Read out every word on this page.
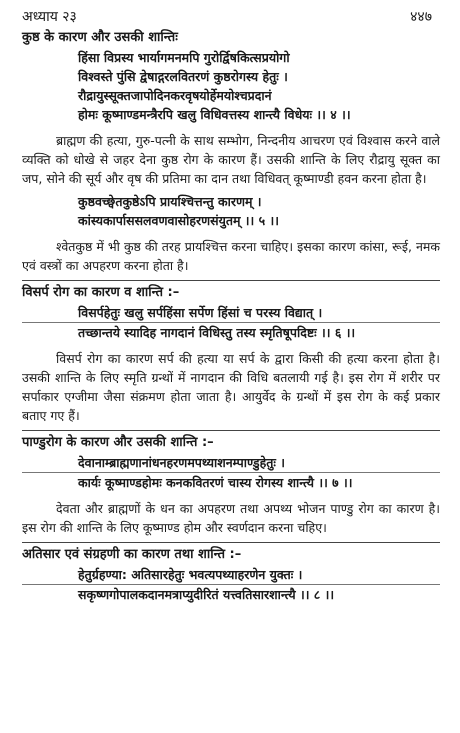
अध्याय २३	४४७
कुष्ठ के कारण और उसकी शान्तिः
हिंसा विप्रस्य भार्यागमनमपि गुरोर्द्विषकित्सप्रयोगो
विश्वस्ते पुंसि द्वेषाद्गरलवितरणं कुष्ठरोगस्य हेतुः ।
रौद्रायुस्सूक्तजापोदिनकरवृषयोर्हेमयोश्चप्रदानं
होमः कूष्माण्डमन्त्रैरपि खलु विधिवत्तस्य शान्त्यै विधेयः ।। ४ ।।

ब्राह्मण की हत्या, गुरु-पत्नी के साथ सम्भोग, निन्दनीय आचरण एवं विश्वास करने वाले व्यक्ति को धोखे से जहर देना कुष्ठ रोग के कारण हैं। उसकी शान्ति के लिए रौद्रायु सूक्त का जप, सोने की सूर्य और वृष की प्रतिमा का दान तथा विधिवत् कूष्माण्डी हवन करना होता है।

कुष्ठवच्छ्वेतकुष्ठेऽपि प्रायश्चित्तन्तु कारणम् ।
कांस्यकार्पाससलवणवासोहरणसंयुतम् ।। ५ ।।

श्वेतकुष्ठ में भी कुष्ठ की तरह प्रायश्चित्त करना चाहिए। इसका कारण कांसा, रूई, नमक एवं वस्त्रों का अपहरण करना होता है।

विसर्प रोग का कारण व शान्ति :–
विसर्पहेतुः खलु सर्पहिंसा सर्पेण हिंसां च परस्य विद्यात् ।
तच्छान्तये स्यादिह नागदानं विधिस्तु तस्य स्मृतिषूपदिष्टः ।। ६ ।।

विसर्प रोग का कारण सर्प की हत्या या सर्प के द्वारा किसी की हत्या करना होता है। उसकी शान्ति के लिए स्मृति ग्रन्थों में नागदान की विधि बतलायी गई है। इस रोग में शरीर पर सर्पाकार एग्जीमा जैसा संक्रमण होता जाता है। आयुर्वेद के ग्रन्थों में इस रोग के कई प्रकार बताए गए हैं।

पाण्डुरोग के कारण और उसकी शान्ति :–
देवानाम्ब्राह्मणानांधनहरणमपथ्याशनम्पाण्डुहेतुः ।
कार्यः कूष्माण्डहोमः कनकवितरणं चास्य रोगस्य शान्त्यै ।। ७ ।।

देवता और ब्राह्मणों के धन का अपहरण तथा अपथ्य भोजन पाण्डु रोग का कारण है। इस रोग की शान्ति के लिए कूष्माण्ड होम और स्वर्णदान करना चहिए।

अतिसार एवं संग्रहणी का कारण तथा शान्ति :–
हेतुर्ग्रहण्या: अतिसारहेतुः भवत्यपथ्याहरणेन युक्तः ।
सकृष्णगोपालकदानमत्राप्युदीरितं यत्त्वतिसारशान्त्यै ।। ८ ।।
